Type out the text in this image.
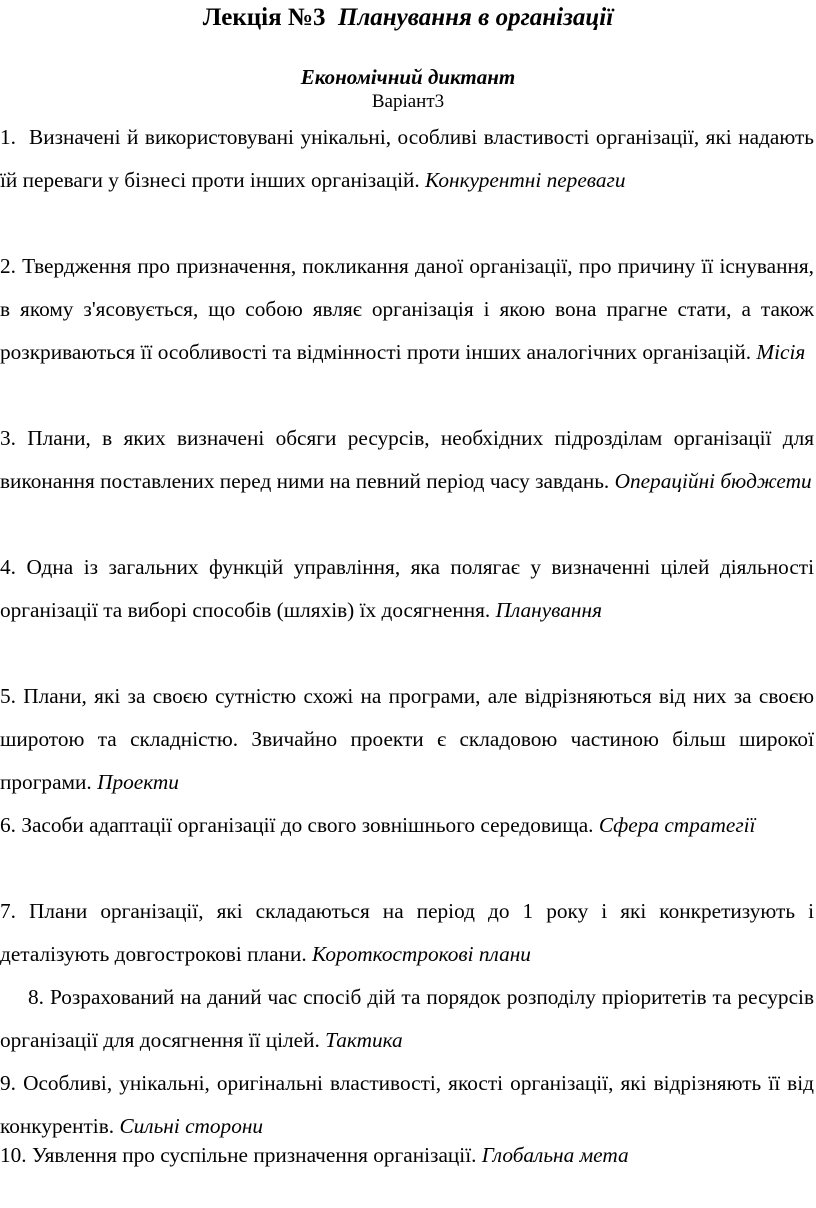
Лекція №3 Планування в організації
Економічний диктант
Варіант3
1. Визначені й використовувані унікальні, особливі властивості організації, які надають їй переваги у бізнесі проти інших організацій. Конкурентні переваги
2. Твердження про призначення, покликання даної організації, про причину її існування, в якому з'ясовується, що собою являє організація і якою вона прагне стати, а також розкриваються її особливості та відмінності проти інших аналогічних організацій. Місія
3. Плани, в яких визначені обсяги ресурсів, необхідних підрозділам організації для виконання поставлених перед ними на певний період часу завдань. Операційні бюджети
4. Одна із загальних функцій управління, яка полягає у визначенні цілей діяльності організації та виборі способів (шляхів) їх досягнення. Планування
5. Плани, які за своєю сутністю схожі на програми, але відрізняються від них за своєю широтою та складністю. Звичайно проекти є складовою частиною більш широкої програми. Проекти
6. Засоби адаптації організації до свого зовнішнього середовища. Сфера стратегії
7. Плани організації, які складаються на період до 1 року і які конкретизують і деталізують довгострокові плани. Короткострокові плани
8. Розрахований на даний час спосіб дій та порядок розподілу пріоритетів та ресурсів організації для досягнення її цілей. Тактика
9. Особливі, унікальні, оригінальні властивості, якості організації, які відрізняють її від конкурентів. Сильні сторони
10. Уявлення про суспільне призначення організації. Глобальна мета
